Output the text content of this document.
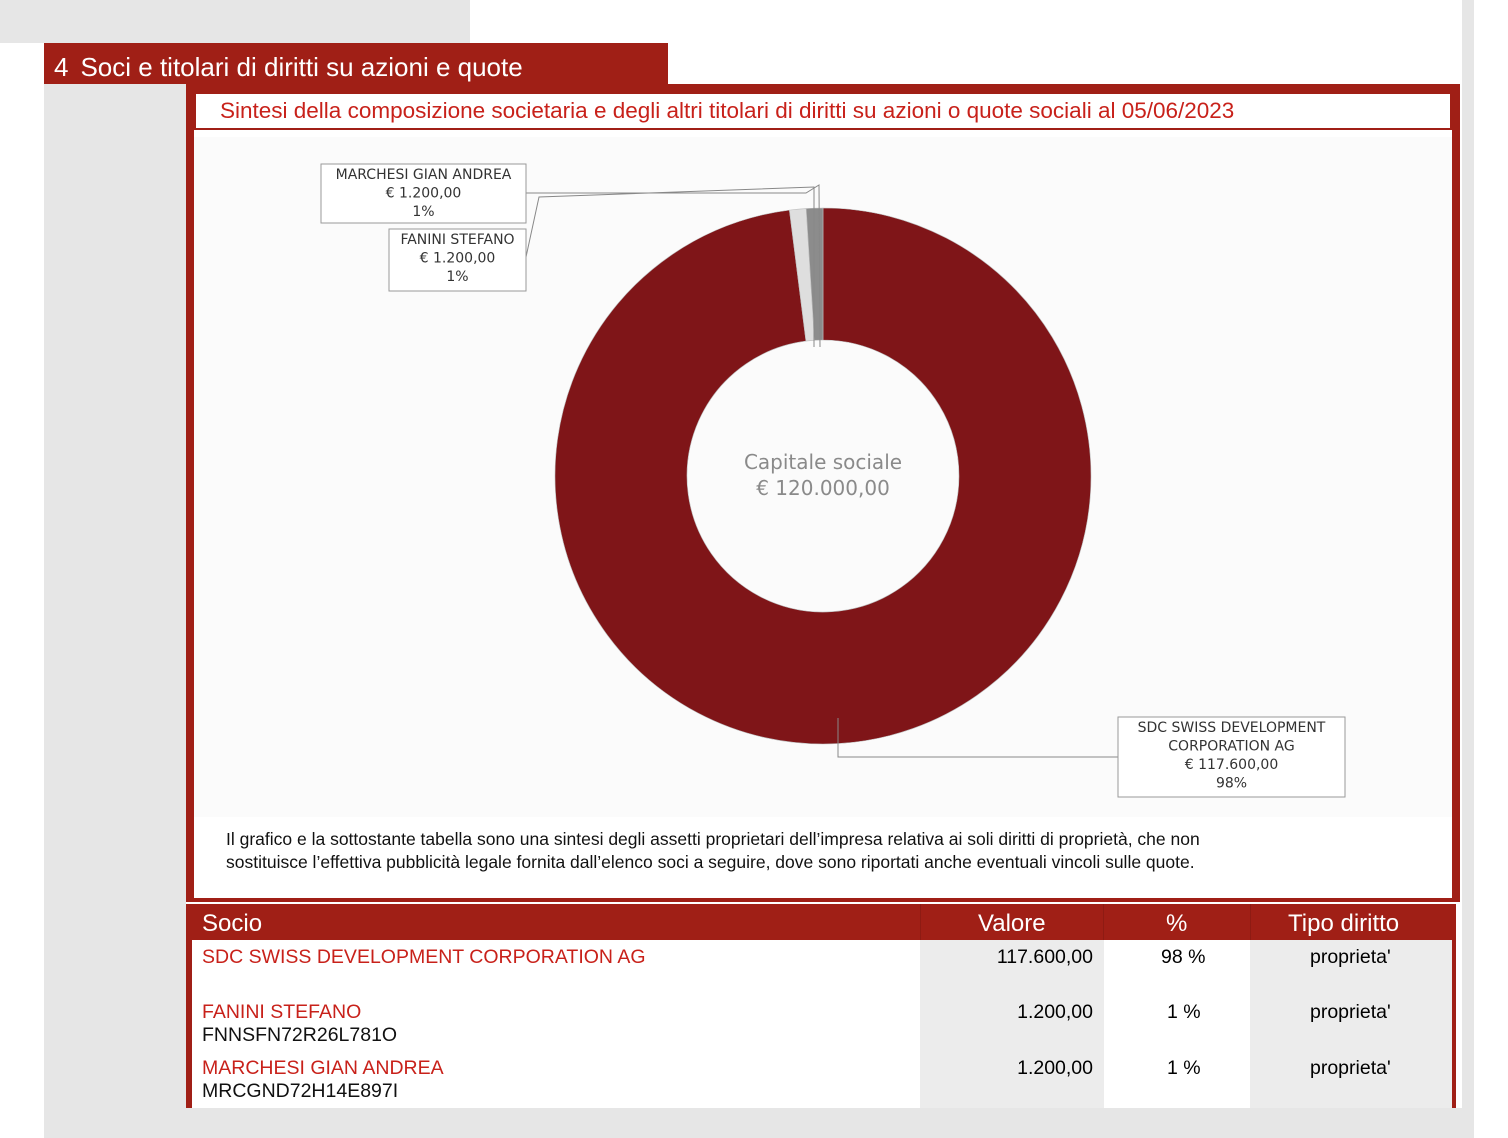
4 Soci e titolari di diritti su azioni e quote
Sintesi della composizione societaria e degli altri titolari di diritti su azioni o quote sociali al 05/06/2023
SDC SWISS DEVELOPMENT
CORPORATION AG
€ 117.600,00
98%
FANINI STEFANO
€ 1.200,00
1%
MARCHESI GIAN ANDREA
€ 1.200,00
1%
Capitale sociale
€ 120.000,00
Il grafico e la sottostante tabella sono una sintesi degli assetti proprietari dell’impresa relativa ai soli diritti di proprietà, che non
sostituisce l’effettiva pubblicità legale fornita dall’elenco soci a seguire, dove sono riportati anche eventuali vincoli sulle quote.
Socio	Valore	%	Tipo diritto
SDC SWISS DEVELOPMENT CORPORATION AG	117.600,00	98 %	proprieta'
FANINI STEFANO
FNNSFN72R26L781O
1.200,00	1 %	proprieta'
MARCHESI GIAN ANDREA
MRCGND72H14E897I
1.200,00	1 %	proprieta'
